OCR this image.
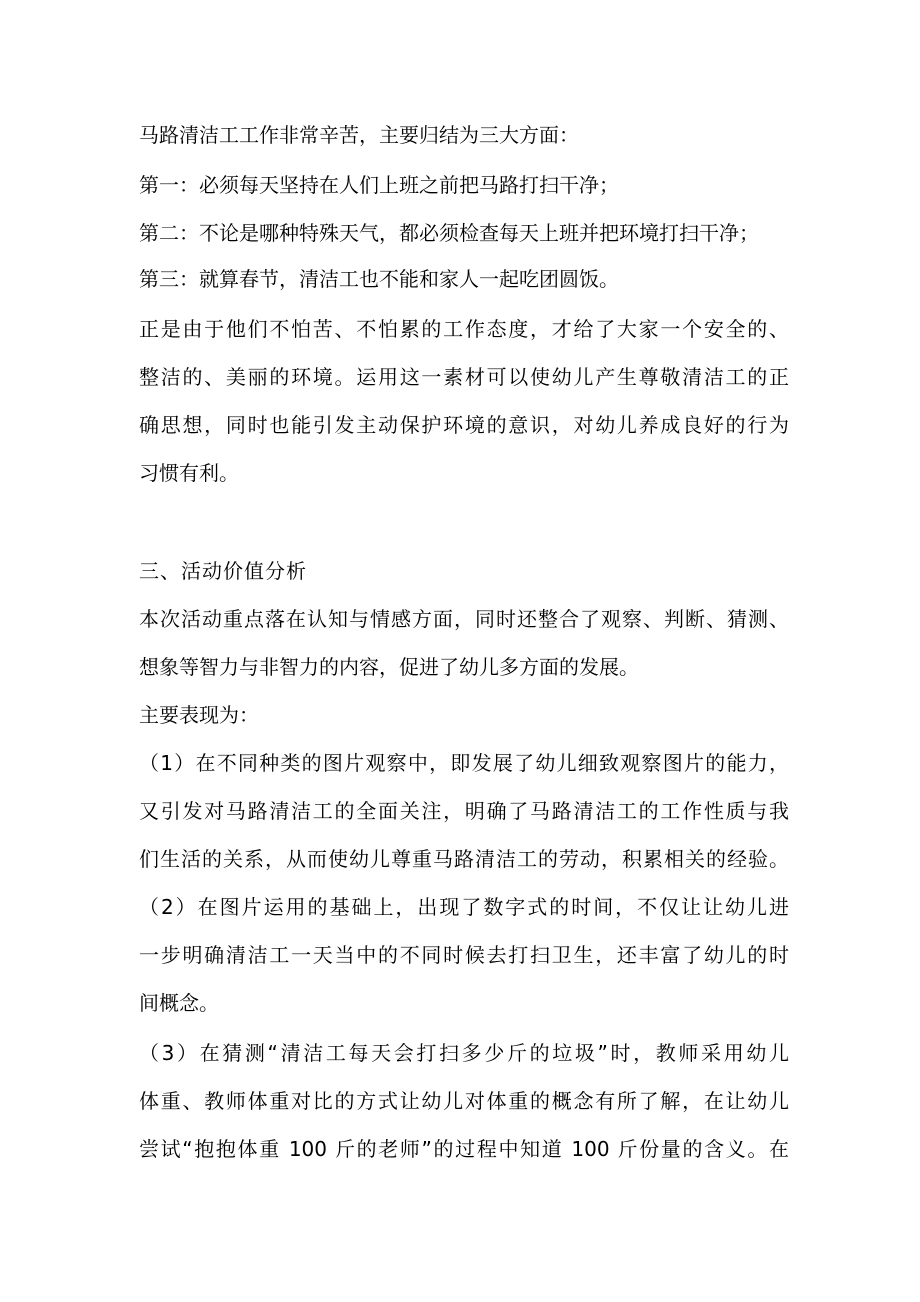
马路清洁工工作非常辛苦，主要归结为三大方面：

第一：必须每天坚持在人们上班之前把马路打扫干净；

第二：不论是哪种特殊天气，都必须检查每天上班并把环境打扫干净；

第三：就算春节，清洁工也不能和家人一起吃团圆饭。

正是由于他们不怕苦、不怕累的工作态度，才给了大家一个安全的、

整洁的、美丽的环境。运用这一素材可以使幼儿产生尊敬清洁工的正

确思想，同时也能引发主动保护环境的意识，对幼儿养成良好的行为

习惯有利。

三、活动价值分析

本次活动重点落在认知与情感方面，同时还整合了观察、判断、猜测、

想象等智力与非智力的内容，促进了幼儿多方面的发展。

主要表现为：

（1）在不同种类的图片观察中，即发展了幼儿细致观察图片的能力，

又引发对马路清洁工的全面关注，明确了马路清洁工的工作性质与我

们生活的关系，从而使幼儿尊重马路清洁工的劳动，积累相关的经验。

（2）在图片运用的基础上，出现了数字式的时间，不仅让让幼儿进

一步明确清洁工一天当中的不同时候去打扫卫生，还丰富了幼儿的时

间概念。

（3）在猜测“清洁工每天会打扫多少斤的垃圾”时，教师采用幼儿

体重、教师体重对比的方式让幼儿对体重的概念有所了解，在让幼儿

尝试“抱抱体重 100 斤的老师”的过程中知道 100 斤份量的含义。在
